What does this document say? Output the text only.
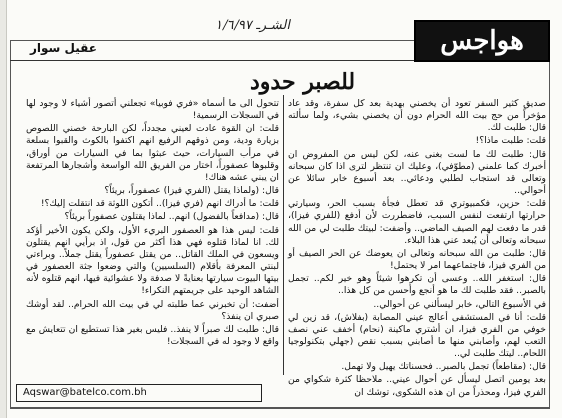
هواجس
الشـرـ ١/٦/٩٧
عقيل سوار
للصبر حدود

صديق كثير السفر تعود أن يخصني بهدية بعد كل سفرة، وقد عاد مؤخراً من حج بيت الله الحرام دون أن يخصني بشيء، ولما سألته قال: طلبت لك.

قلت: طلبت ماذا؟!

قال: طلبت لك ما لست بغنى عنه، لكن ليس من المفروض ان أخبرك كما علمني (مطوّفي)، وعليك ان تنتظر لترى اذا كان سبحانه وتعالى قد استجاب لطلبي ودعائي.. بعد أسبوع خابر سائلا عن أحوالي..

قلت: حزين، فكمبيوتري قد تعطل فجأة بسبب الحر، وسيارتي حرارتها ارتفعت لنفس السبب، فاضطررت لأن أدفع (للفري فيزا)، قدر ما دفعت لهم الصيف الماضي.. وأضفت: لبيتك طلبت لي من الله سبحانه وتعالى أن يُبعد عني هذا البلاء.

قال: طلبت من الله سبحانه وتعالى ان يعوضك عن الحر الصيف أو من الفري فيزا، فاجتماعهما امر لا يحتمل!

قال: استغفر الله.. وعسى أن تكرهوا شيئاً وهو خير لكم.. تجمل بالصبر.. فقد طلبت لك ما هو أنجع وأحسن من كل هذا..

في الأسبوع التالي، خابر ليسألني عن أحوالي..

قلت: أنا في المستشفى أعالج عيني المصابة (بفلاش)، قد زين لي خوفي من الفري فيزا، ان أشتري ماكينة (نحام) أخفف عني نصف التعب لهم، وأصابني منها ما أصابني بسبب نقص (جهلي بتكنولوجيا اللحام.. ليتك طلبت لي..

قال: (مقاطعاً) تجمل بالصبر.. فحسناتك يهيل ولا تهمل.

بعد يومين اتصل ليسأل عن أحوال عيني.. ملاحظا كثرة شكواي من الفري فيزا، ومحذراً من ان هذه الشكوى، توشك ان

تتحول الى ما أسماه «فري فوبيا» تجعلني أتصور أشياء لا وجود لها في السجلات الرسمية!

قلت: ان القوة عادت لعيني مجدداً، لكن البارحة خصني اللصوص بزيارة ودية، ومن ذوقهم الرفيع انهم اكتفوا بالكوث والقبوا بسلعة في مرأب السيارات، حيث عبثوا بما في السيارات من أوراق، وقلبوها عصفوراً، اختار من الفريق الله الواسعة وأشجارها المرتفعة ان يبني عشه هناك!

قال: (ولماذا يقتل (الفري فيزا) عصفوراً، بريئاً؟

قلت: ما أدراك انهم (فري فيزا).. أتكون اللوثة قد انتقلت إليك؟!

قال: (مدافعاً بالفضول) انهم.. لماذا يقتلون عصفوراً بريئاً؟

قلت: ليس هذا هو العصفور البريء الأول، ولكن يكون الأخير أؤكد لك. انا لماذا قتلوه فهي هذا أكثر من قول، اذ برأيي انهم يقتلون ويسعون في الملك القاتل.. من يقتل عصفوراً يقتل جملاً.. وبراءتي لبنتي المعرفة بأقلام (السلسيين) والتي وضعوا جثة العصفور في بيتها البيوت سيارتها بعنايةً لا صدفة ولا عشوائية فيها، انهم قتلوه لأنه الشاهد الوحيد على جريمتهم النكراء!

أضفت: أن تخبرني عما طلبته لي في بيت الله الحرام.. لقد أوشك صبري ان ينفذ؟

قال: طلبت لك صبراً لا ينفذ.. فليس بغير هذا تستطيع ان تتعايش مع واقع لا وجود له في السجلات!

Aqswar@batelco.com.bh
